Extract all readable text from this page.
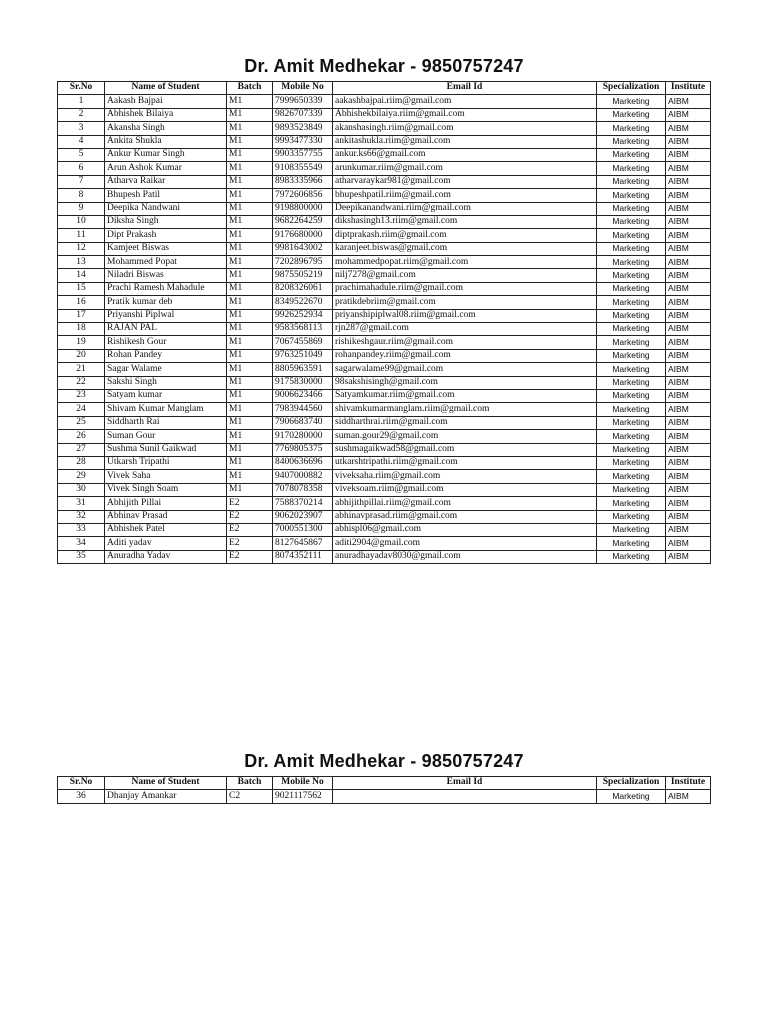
Dr. Amit Medhekar - 9850757247
Sr.No	Name of Student	Batch	Mobile No	Email Id	Specialization	Institute
1	Aakash Bajpai	M1	7999650339	aakashbajpai.riim@gmail.com	Marketing	AIBM
2	Abhishek Bilaiya	M1	9826707339	Abhishekbilaiya.riim@gmail.com	Marketing	AIBM
3	Akansha Singh	M1	9893523849	akanshasingh.riim@gmail.com	Marketing	AIBM
4	Ankita Shukla	M1	9993477330	ankitashukla.riim@gmail.com	Marketing	AIBM
5	Ankur Kumar Singh	M1	9903357755	ankur.ks66@gmail.com	Marketing	AIBM
6	Arun Ashok Kumar	M1	9108355549	arunkumar.riim@gmail.com	Marketing	AIBM
7	Atharva Raikar	M1	8983335966	atharvaraykar981@gmail.com	Marketing	AIBM
8	Bhupesh Patil	M1	7972606856	bhupeshpatil.riim@gmail.com	Marketing	AIBM
9	Deepika Nandwani	M1	9198800000	Deepikanandwani.riim@gmail.com	Marketing	AIBM
10	Diksha Singh	M1	9682264259	dikshasingh13.riim@gmail.com	Marketing	AIBM
11	Dipt Prakash	M1	9176680000	diptprakash.riim@gmail.com	Marketing	AIBM
12	Kamjeet Biswas	M1	9981643002	karanjeet.biswas@gmail.com	Marketing	AIBM
13	Mohammed Popat	M1	7202896795	mohammedpopat.riim@gmail.com	Marketing	AIBM
14	Niladri Biswas	M1	9875505219	nilj7278@gmail.com	Marketing	AIBM
15	Prachi Ramesh Mahadule	M1	8208326061	prachimahadule.riim@gmail.com	Marketing	AIBM
16	Pratik kumar deb	M1	8349522670	pratikdebriim@gmail.com	Marketing	AIBM
17	Priyanshi Piplwal	M1	9926252934	priyanshipiplwal08.riim@gmail.com	Marketing	AIBM
18	RAJAN PAL	M1	9583568113	rjn287@gmail.com	Marketing	AIBM
19	Rishikesh Gour	M1	7067455869	rishikeshgaur.riim@gmail.com	Marketing	AIBM
20	Rohan Pandey	M1	9763251049	rohanpandey.riim@gmail.com	Marketing	AIBM
21	Sagar Walame	M1	8805963591	sagarwalame99@gmail.com	Marketing	AIBM
22	Sakshi Singh	M1	9175830000	98sakshisingh@gmail.com	Marketing	AIBM
23	Satyam kumar	M1	9006623466	Satyamkumar.riim@gmail.com	Marketing	AIBM
24	Shivam Kumar Manglam	M1	7983944560	shivamkumarmanglam.riim@gmail.com	Marketing	AIBM
25	Siddharth Rai	M1	7906683740	siddharthrai.riim@gmail.com	Marketing	AIBM
26	Suman Gour	M1	9170280000	suman.gour29@gmail.com	Marketing	AIBM
27	Sushma Sunil Gaikwad	M1	7769805375	sushmagaikwad58@gmail.com	Marketing	AIBM
28	Utkarsh Tripathi	M1	8400636696	utkarshtripathi.riim@gmail.com	Marketing	AIBM
29	Vivek Saha	M1	9407000882	viveksaha.riim@gmail.com	Marketing	AIBM
30	Vivek Singh Soam	M1	7078078358	viveksoam.riim@gmail.com	Marketing	AIBM
31	Abhijith Pillai	E2	7588370214	abhijithpillai.riim@gmail.com	Marketing	AIBM
32	Abhinav Prasad	E2	9062023907	abhinavprasad.riim@gmail.com	Marketing	AIBM
33	Abhishek Patel	E2	7000551300	abhispl06@gmail.com	Marketing	AIBM
34	Aditi yadav	E2	8127645867	aditi2904@gmail.com	Marketing	AIBM
35	Anuradha Yadav	E2	8074352111	anuradhayadav8030@gmail.com	Marketing	AIBM
Dr. Amit Medhekar - 9850757247
Sr.No	Name of Student	Batch	Mobile No	Email Id	Specialization	Institute
36	Dhanjay Amankar	C2	9021117562		Marketing	AIBM
